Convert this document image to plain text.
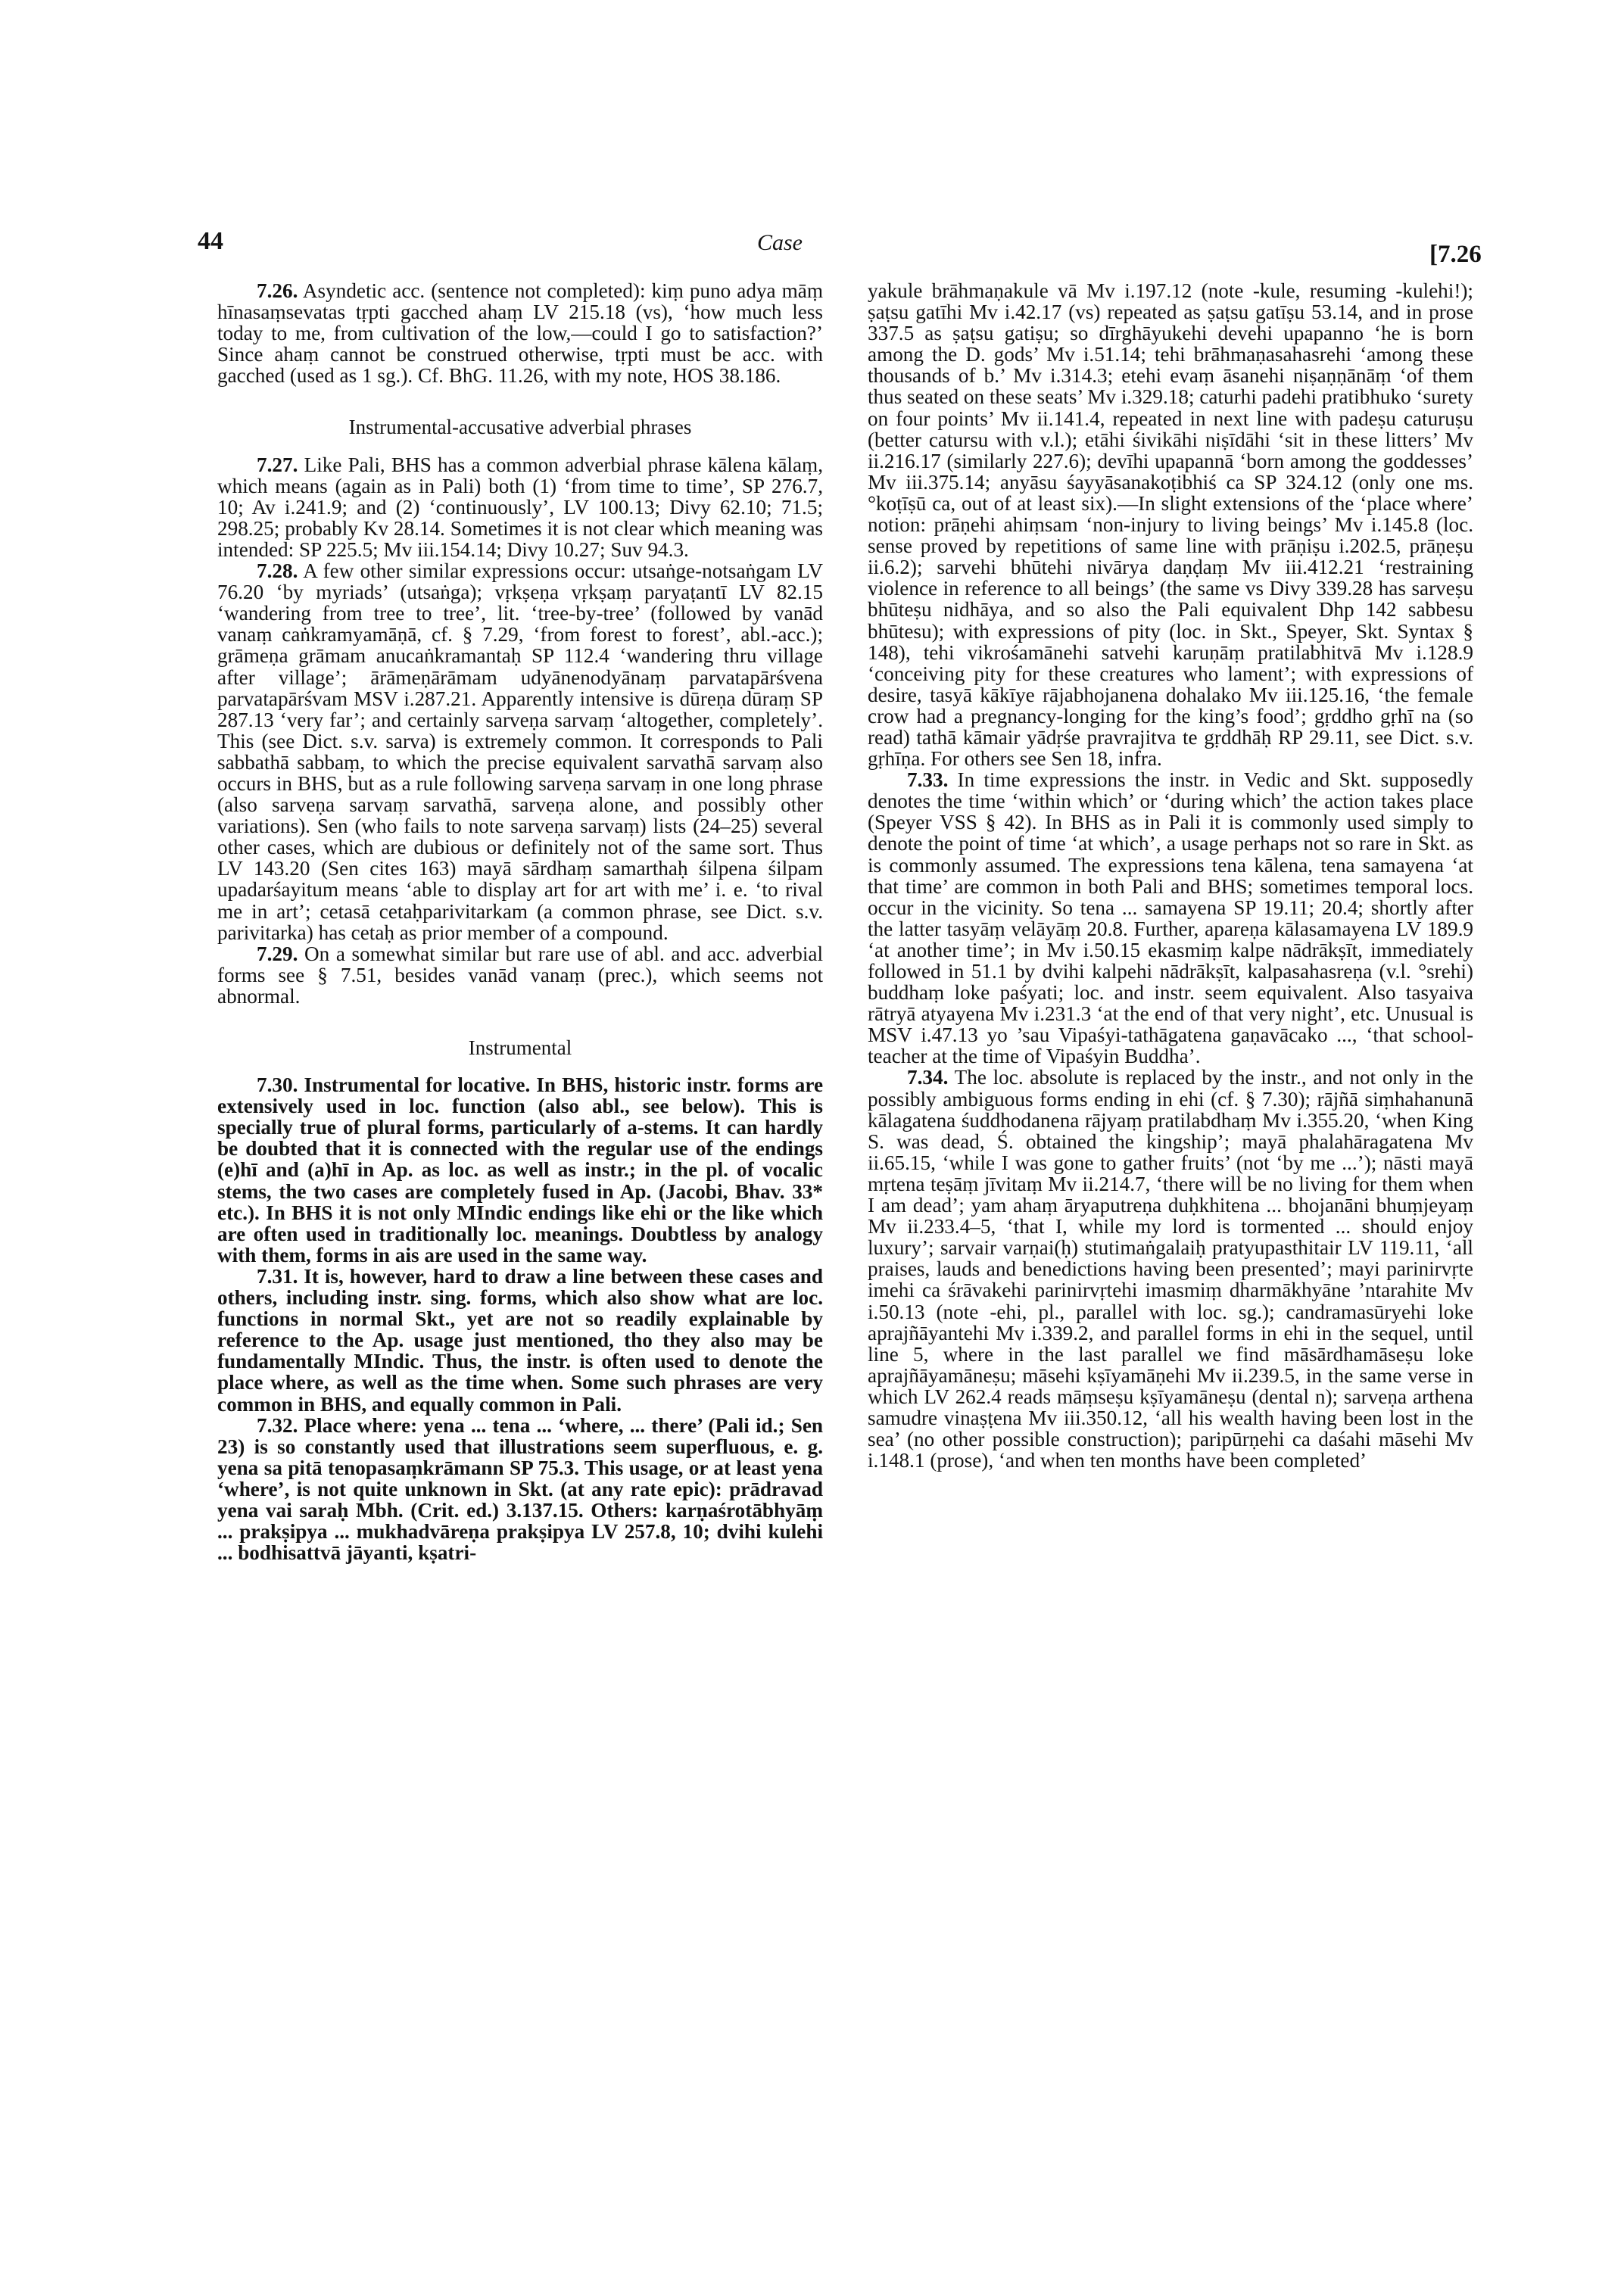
44	Case	[7.26

7.26. Asyndetic acc. (sentence not completed): kiṃ puno adya māṃ hīnasaṃsevatas tṛpti gacched ahaṃ LV 215.18 (vs), ‘how much less today to me, from cultivation of the low,—could I go to satisfaction?’ Since ahaṃ cannot be construed otherwise, tṛpti must be acc. with gacched (used as 1 sg.). Cf. BhG. 11.26, with my note, HOS 38.186.

Instrumental-accusative adverbial phrases

7.27. Like Pali, BHS has a common adverbial phrase kālena kālaṃ, which means (again as in Pali) both (1) ‘from time to time’, SP 276.7, 10; Av i.241.9; and (2) ‘continuously’, LV 100.13; Divy 62.10; 71.5; 298.25; probably Kv 28.14. Sometimes it is not clear which meaning was intended: SP 225.5; Mv iii.154.14; Divy 10.27; Suv 94.3.

7.28. A few other similar expressions occur: utsaṅge-notsaṅgam LV 76.20 ‘by myriads’ (utsaṅga); vṛkṣeṇa vṛkṣaṃ paryaṭantī LV 82.15 ‘wandering from tree to tree’, lit. ‘tree-by-tree’ (followed by vanād vanaṃ caṅkramyamāṇā, cf. § 7.29, ‘from forest to forest’, abl.-acc.); grāmeṇa grāmam anucaṅkramantaḥ SP 112.4 ‘wandering thru village after village’; ārāmeṇārāmam udyānenodyānaṃ parvatapārśvena parvatapārśvam MSV i.287.21. Apparently intensive is dūreṇa dūraṃ SP 287.13 ‘very far’; and certainly sarveṇa sarvaṃ ‘altogether, completely’. This (see Dict. s.v. sarva) is extremely common. It corresponds to Pali sabbathā sabbaṃ, to which the precise equivalent sarvathā sarvaṃ also occurs in BHS, but as a rule following sarveṇa sarvaṃ in one long phrase (also sarveṇa sarvaṃ sarvathā, sarveṇa alone, and possibly other variations). Sen (who fails to note sarveṇa sarvaṃ) lists (24–25) several other cases, which are dubious or definitely not of the same sort. Thus LV 143.20 (Sen cites 163) mayā sārdhaṃ samarthaḥ śilpena śilpam upadarśayitum means ‘able to display art for art with me’ i. e. ‘to rival me in art’; cetasā cetaḥparivitarkam (a common phrase, see Dict. s.v. parivitarka) has cetaḥ as prior member of a compound.

7.29. On a somewhat similar but rare use of abl. and acc. adverbial forms see § 7.51, besides vanād vanaṃ (prec.), which seems not abnormal.

Instrumental

7.30. Instrumental for locative. In BHS, historic instr. forms are extensively used in loc. function (also abl., see below). This is specially true of plural forms, particularly of a-stems. It can hardly be doubted that it is connected with the regular use of the endings (e)hī and (a)hī in Ap. as loc. as well as instr.; in the pl. of vocalic stems, the two cases are completely fused in Ap. (Jacobi, Bhav. 33* etc.). In BHS it is not only MIndic endings like ehi or the like which are often used in traditionally loc. meanings. Doubtless by analogy with them, forms in ais are used in the same way.

7.31. It is, however, hard to draw a line between these cases and others, including instr. sing. forms, which also show what are loc. functions in normal Skt., yet are not so readily explainable by reference to the Ap. usage just mentioned, tho they also may be fundamentally MIndic. Thus, the instr. is often used to denote the place where, as well as the time when. Some such phrases are very common in BHS, and equally common in Pali.

7.32. Place where: yena ... tena ... ‘where, ... there’ (Pali id.; Sen 23) is so constantly used that illustrations seem superfluous, e. g. yena sa pitā tenopasaṃkrāmann SP 75.3. This usage, or at least yena ‘where’, is not quite unknown in Skt. (at any rate epic): prādravad yena vai saraḥ Mbh. (Crit. ed.) 3.137.15. Others: karṇaśrotābhyāṃ ... prakṣipya ... mukhadvāreṇa prakṣipya LV 257.8, 10; dvihi kulehi ... bodhisattvā jāyanti, kṣatri-

yakule brāhmaṇakule vā Mv i.197.12 (note -kule, resuming -kulehi!); ṣaṭsu gatīhi Mv i.42.17 (vs) repeated as ṣaṭsu gatīṣu 53.14, and in prose 337.5 as ṣaṭsu gatiṣu; so dīrghāyukehi devehi upapanno ‘he is born among the D. gods’ Mv i.51.14; tehi brāhmaṇasahasrehi ‘among these thousands of b.’ Mv i.314.3; etehi evaṃ āsanehi niṣaṇṇānāṃ ‘of them thus seated on these seats’ Mv i.329.18; caturhi padehi pratibhuko ‘surety on four points’ Mv ii.141.4, repeated in next line with padeṣu caturuṣu (better catursu with v.l.); etāhi śivikāhi niṣīdāhi ‘sit in these litters’ Mv ii.216.17 (similarly 227.6); devīhi upapannā ‘born among the goddesses’ Mv iii.375.14; anyāsu śayyāsanakoṭibhiś ca SP 324.12 (only one ms. °koṭīṣū ca, out of at least six).—In slight extensions of the ‘place where’ notion: prāṇehi ahiṃsam ‘non-injury to living beings’ Mv i.145.8 (loc. sense proved by repetitions of same line with prāṇiṣu i.202.5, prāṇeṣu ii.6.2); sarvehi bhūtehi nivārya daṇḍaṃ Mv iii.412.21 ‘restraining violence in reference to all beings’ (the same vs Divy 339.28 has sarveṣu bhūteṣu nidhāya, and so also the Pali equivalent Dhp 142 sabbesu bhūtesu); with expressions of pity (loc. in Skt., Speyer, Skt. Syntax § 148), tehi vikrośamānehi satvehi karuṇāṃ pratilabhitvā Mv i.128.9 ‘conceiving pity for these creatures who lament’; with expressions of desire, tasyā kākīye rājabhojanena dohalako Mv iii.125.16, ‘the female crow had a pregnancy-longing for the king’s food’; gṛddho gṛhī na (so read) tathā kāmair yādṛśe pravrajitva te gṛddhāḥ RP 29.11, see Dict. s.v. gṛhīṇa. For others see Sen 18, infra.

7.33. In time expressions the instr. in Vedic and Skt. supposedly denotes the time ‘within which’ or ‘during which’ the action takes place (Speyer VSS § 42). In BHS as in Pali it is commonly used simply to denote the point of time ‘at which’, a usage perhaps not so rare in Skt. as is commonly assumed. The expressions tena kālena, tena samayena ‘at that time’ are common in both Pali and BHS; sometimes temporal locs. occur in the vicinity. So tena ... samayena SP 19.11; 20.4; shortly after the latter tasyāṃ velāyāṃ 20.8. Further, apareṇa kālasamayena LV 189.9 ‘at another time’; in Mv i.50.15 ekasmiṃ kalpe nādrākṣīt, immediately followed in 51.1 by dvihi kalpehi nādrākṣīt, kalpasahasreṇa (v.l. °srehi) buddhaṃ loke paśyati; loc. and instr. seem equivalent. Also tasyaiva rātryā atyayena Mv i.231.3 ‘at the end of that very night’, etc. Unusual is MSV i.47.13 yo ’sau Vipaśyi-tathāgatena gaṇavācako ..., ‘that school-teacher at the time of Vipaśyin Buddha’.

7.34. The loc. absolute is replaced by the instr., and not only in the possibly ambiguous forms ending in ehi (cf. § 7.30); rājñā siṃhahanunā kālagatena śuddhodanena rājyaṃ pratilabdhaṃ Mv i.355.20, ‘when King S. was dead, Ś. obtained the kingship’; mayā phalahāragatena Mv ii.65.15, ‘while I was gone to gather fruits’ (not ‘by me ...’); nāsti mayā mṛtena teṣāṃ jīvitaṃ Mv ii.214.7, ‘there will be no living for them when I am dead’; yam ahaṃ āryaputreṇa duḥkhitena ... bhojanāni bhuṃjeyaṃ Mv ii.233.4–5, ‘that I, while my lord is tormented ... should enjoy luxury’; sarvair varṇai(ḥ) stutimaṅgalaiḥ pratyupasthitair LV 119.11, ‘all praises, lauds and benedictions having been presented’; mayi parinirvṛte imehi ca śrāvakehi parinirvṛtehi imasmiṃ dharmākhyāne ’ntarahite Mv i.50.13 (note -ehi, pl., parallel with loc. sg.); candramasūryehi loke aprajñāyantehi Mv i.339.2, and parallel forms in ehi in the sequel, until line 5, where in the last parallel we find māsārdhamāseṣu loke aprajñāyamāneṣu; māsehi kṣīyamāṇehi Mv ii.239.5, in the same verse in which LV 262.4 reads māṃseṣu kṣīyamāneṣu (dental n); sarveṇa arthena samudre vinaṣṭena Mv iii.350.12, ‘all his wealth having been lost in the sea’ (no other possible construction); paripūrṇehi ca daśahi māsehi Mv i.148.1 (prose), ‘and when ten months have been completed’
